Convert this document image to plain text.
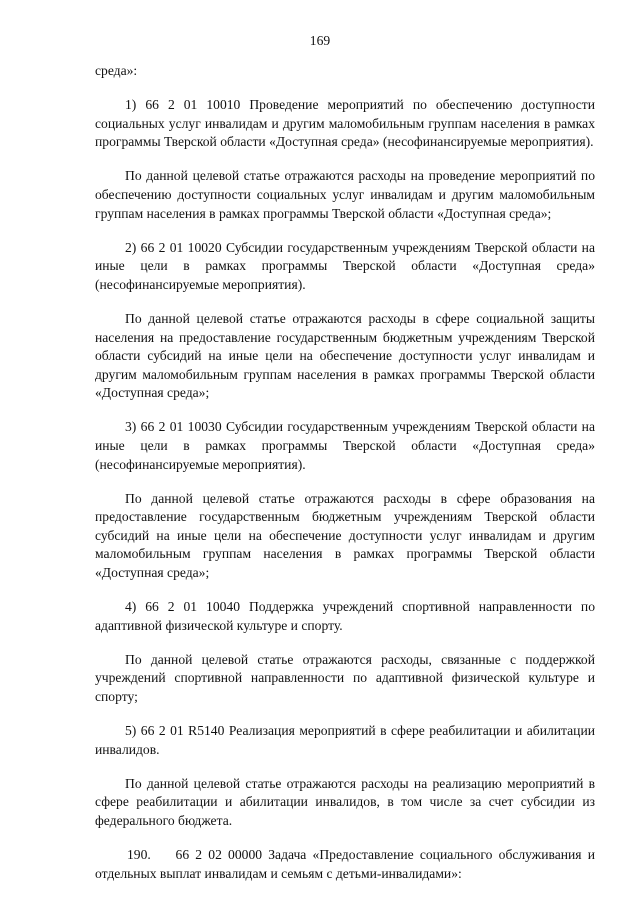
169

среда»:

1) 66 2 01 10010 Проведение мероприятий по обеспечению доступности социальных услуг инвалидам и другим маломобильным группам населения в рамках программы Тверской области «Доступная среда» (несофинансируемые мероприятия).

По данной целевой статье отражаются расходы на проведение мероприятий по обеспечению доступности социальных услуг инвалидам и другим маломобильным группам населения в рамках программы Тверской области «Доступная среда»;

2) 66 2 01 10020 Субсидии государственным учреждениям Тверской области на иные цели в рамках программы Тверской области «Доступная среда» (несофинансируемые мероприятия).

По данной целевой статье отражаются расходы в сфере социальной защиты населения на предоставление государственным бюджетным учреждениям Тверской области субсидий на иные цели на обеспечение доступности услуг инвалидам и другим маломобильным группам населения в рамках программы Тверской области «Доступная среда»;

3) 66 2 01 10030 Субсидии государственным учреждениям Тверской области на иные цели в рамках программы Тверской области «Доступная среда» (несофинансируемые мероприятия).

По данной целевой статье отражаются расходы в сфере образования на предоставление государственным бюджетным учреждениям Тверской области субсидий на иные цели на обеспечение доступности услуг инвалидам и другим маломобильным группам населения в рамках программы Тверской области «Доступная среда»;

4) 66 2 01 10040 Поддержка учреждений спортивной направленности по адаптивной физической культуре и спорту.

По данной целевой статье отражаются расходы, связанные с поддержкой учреждений спортивной направленности по адаптивной физической культуре и спорту;

5) 66 2 01 R5140 Реализация мероприятий в сфере реабилитации и абилитации инвалидов.

По данной целевой статье отражаются расходы на реализацию мероприятий в сфере реабилитации и абилитации инвалидов, в том числе за счет субсидии из федерального бюджета.

190.    66 2 02 00000 Задача «Предоставление социального обслуживания и отдельных выплат инвалидам и семьям с детьми-инвалидами»:
